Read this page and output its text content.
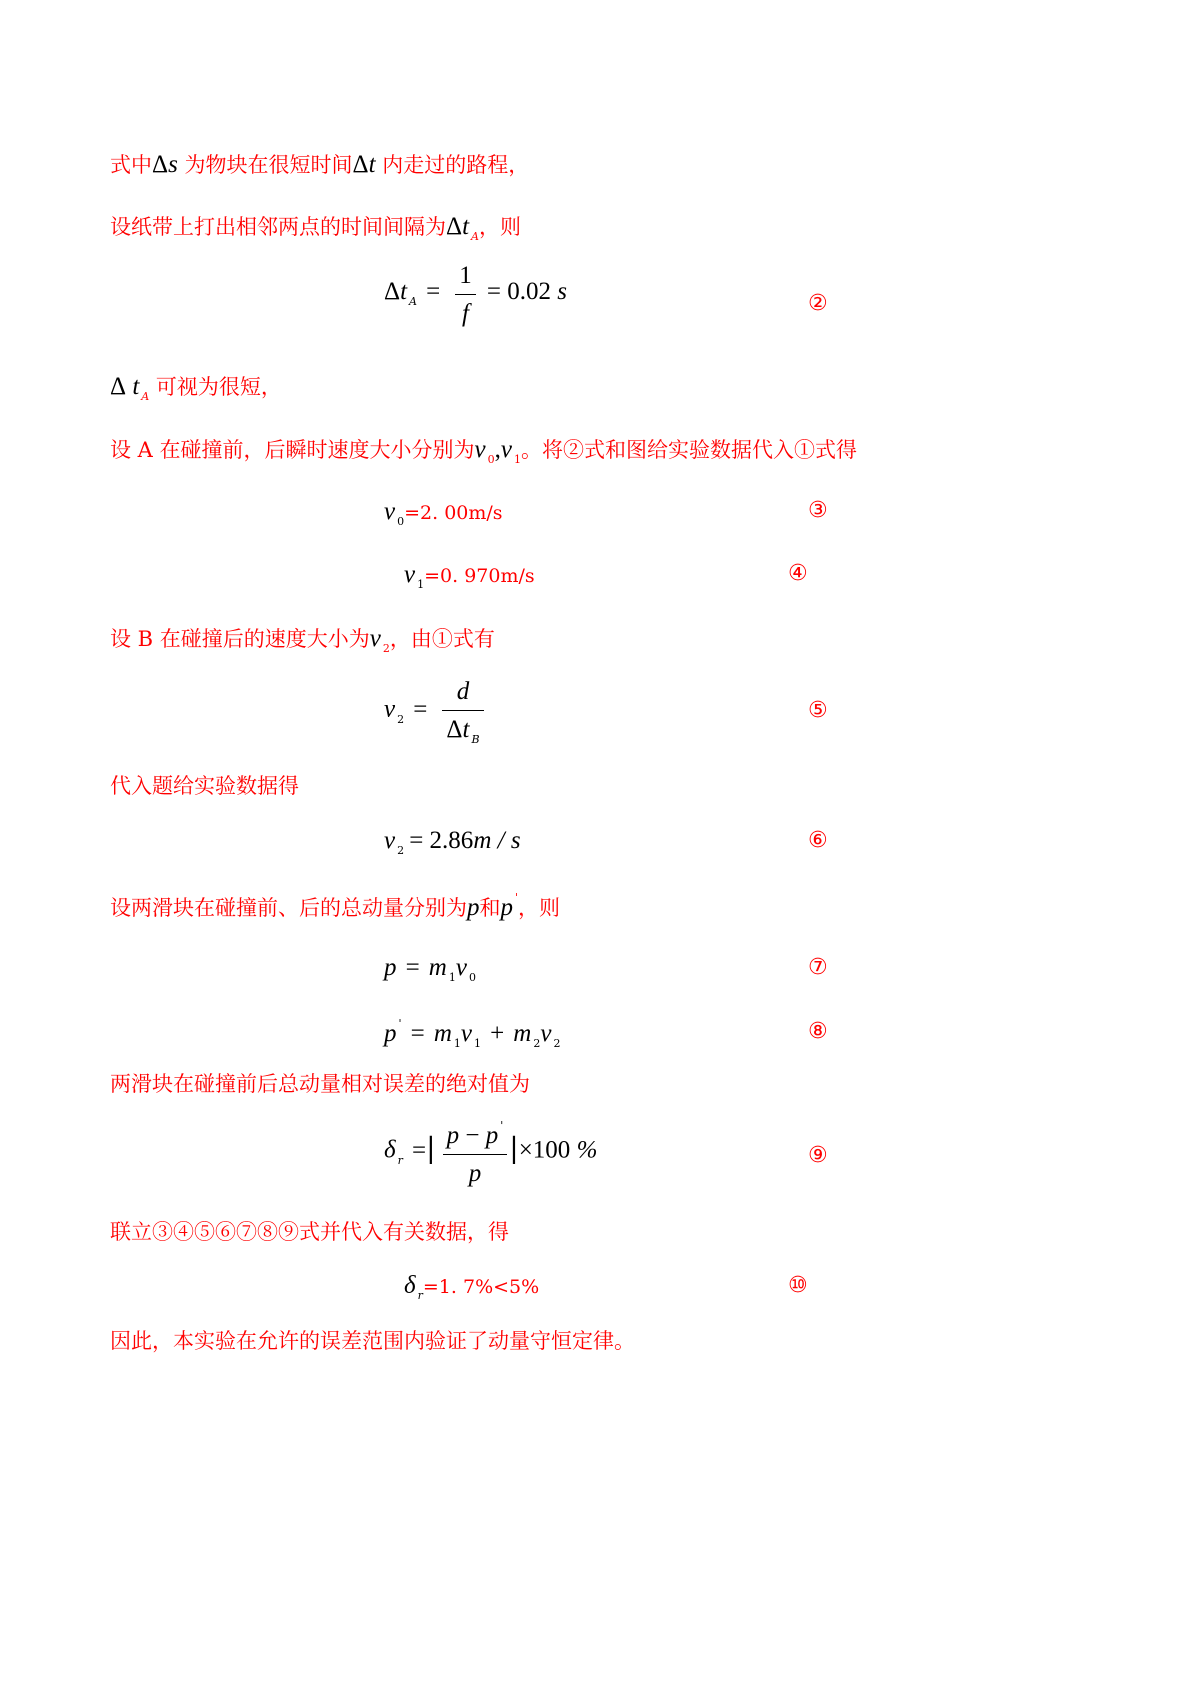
式中Δs 为物块在很短时间Δt 内走过的路程，
设纸带上打出相邻两点的时间间隔为Δt $_A$，则
Δt $_A = \frac{1}{f} = 0.02$ s	②
Δ t $_A$ 可视为很短，
设 A 在碰撞前，后瞬时速度大小分别为v $_0$,v $_1$。将②式和图给实验数据代入①式得
v $_0$=2. 00m/s	③
v $_1$=0. 970m/s	④
设 B 在碰撞后的速度大小为v $_2$，由①式有
v $_2 = \frac{d}{\Delta t _B}$	⑤
代入题给实验数据得
v $_2$ = 2.86m / s	⑥
设两滑块在碰撞前、后的总动量分别为p和p '，则
p = m $_1$v $_0$	⑦
p ' = m $_1$v $_1$ + m $_2$v $_2$	⑧
两滑块在碰撞前后总动量相对误差的绝对值为
δ $_r$ =| $\frac{p - p '}{p} |\times 100$ %	⑨
联立③④⑤⑥⑦⑧⑨式并代入有关数据，得
δ $_r$=1. 7%<5%	⑩
因此，本实验在允许的误差范围内验证了动量守恒定律。
